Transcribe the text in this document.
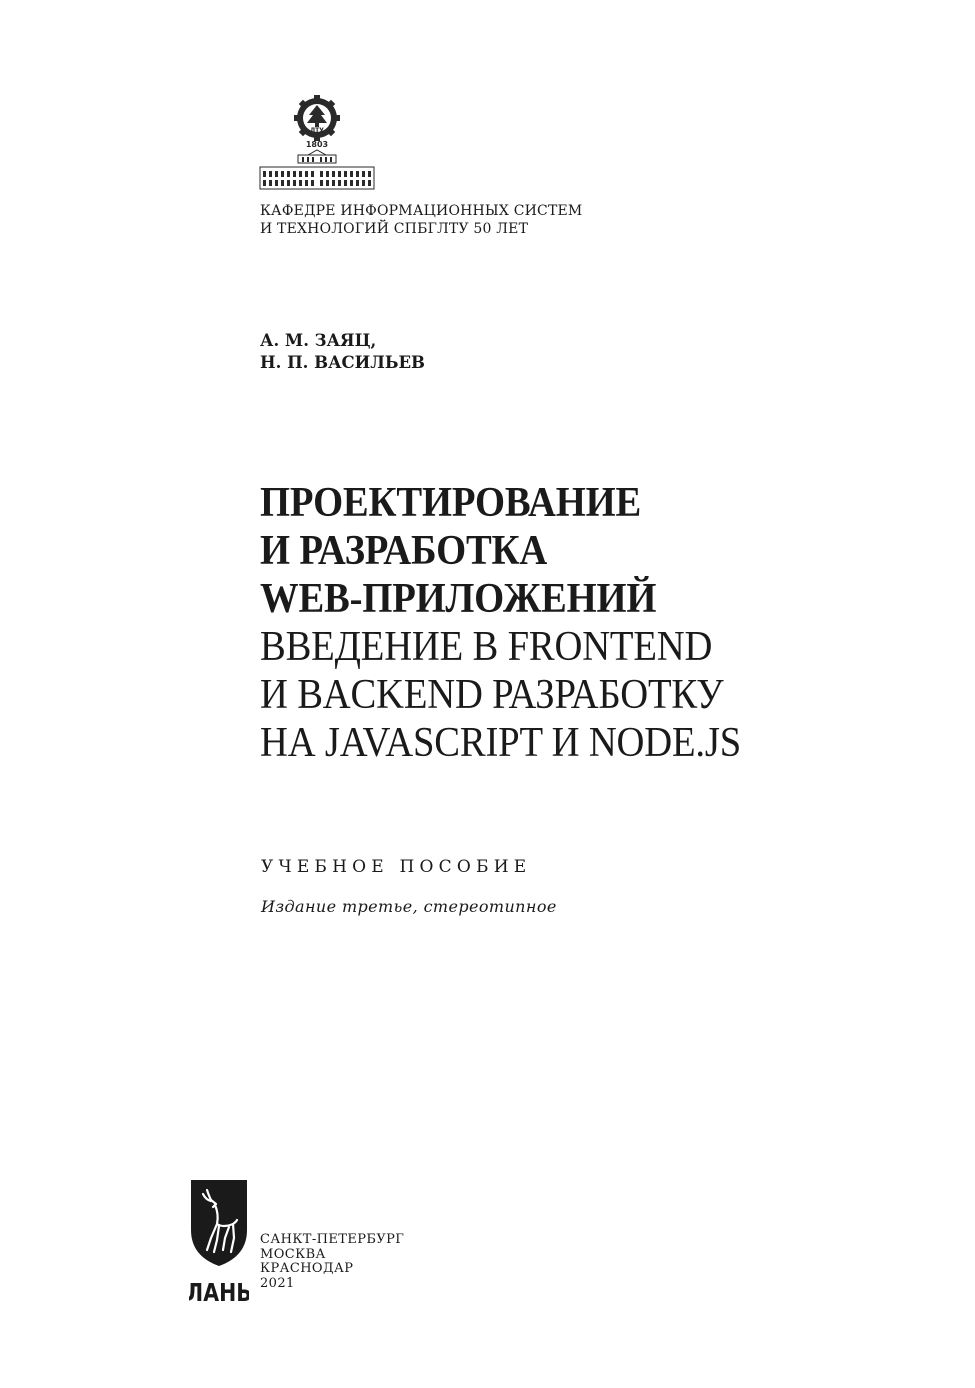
ЛТУ
1803
КАФЕДРЕ ИНФОРМАЦИОННЫХ СИСТЕМ
И ТЕХНОЛОГИЙ СПБГЛТУ 50 ЛЕТ
А. М. ЗАЯЦ,
Н. П. ВАСИЛЬЕВ
ПРОЕКТИРОВАНИЕ
И РАЗРАБОТКА
WEB-ПРИЛОЖЕНИЙ
ВВЕДЕНИЕ В FRONTEND
И BACKEND РАЗРАБОТКУ
НА JAVASCRIPT И NODE.JS
УЧЕБНОЕ ПОСОБИЕ
Издание третье, стереотипное
ЛАНЬ
САНКТ-ПЕТЕРБУРГ
МОСКВА
КРАСНОДАР
2021
